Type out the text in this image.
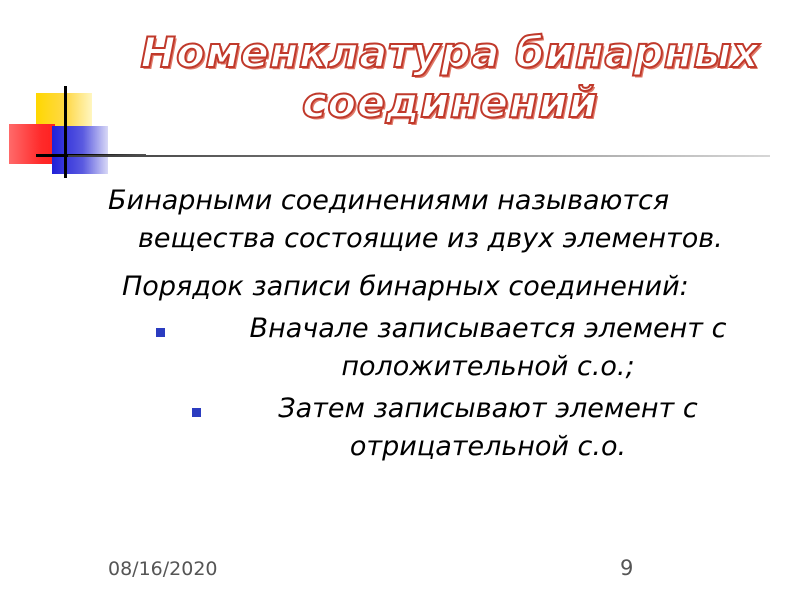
Номенклатура бинарных
соединений

Бинарными соединениями называются вещества состоящие из двух элементов.

Порядок записи бинарных соединений:

Вначале записывается элемент с положительной с.о.;
Затем записывают элемент с отрицательной с.о.
08/16/2020	9
